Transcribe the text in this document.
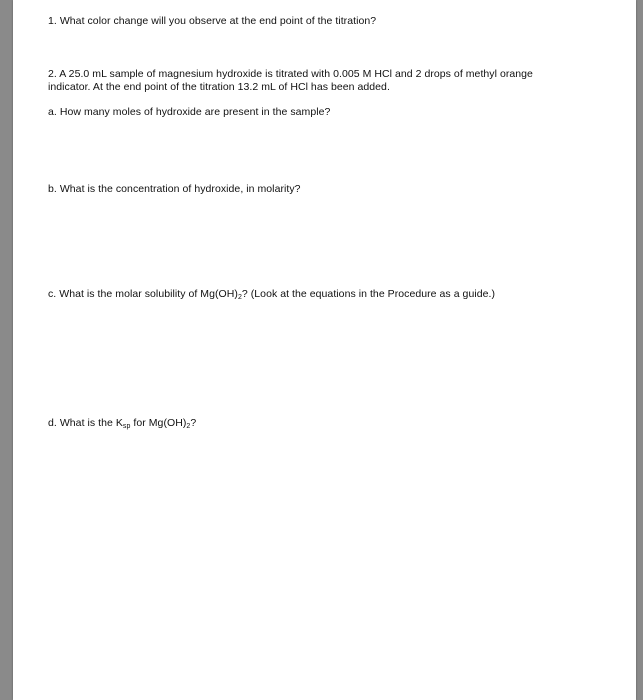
1. What color change will you observe at the end point of the titration?

2. A 25.0 mL sample of magnesium hydroxide is titrated with 0.005 M HCl and 2 drops of methyl orange
indicator. At the end point of the titration 13.2 mL of HCl has been added.

a. How many moles of hydroxide are present in the sample?

b. What is the concentration of hydroxide, in molarity?

c. What is the molar solubility of $Mg(OH)_2$? (Look at the equations in the Procedure as a guide.)

d. What is the $K_{sp}$ for $Mg(OH)_2$?
